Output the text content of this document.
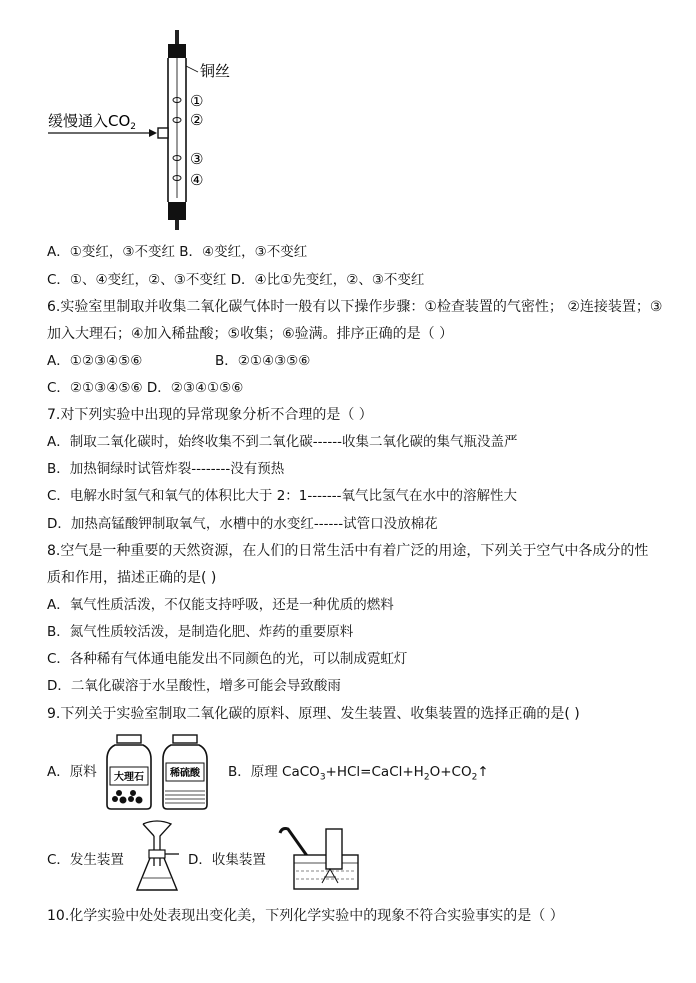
铜丝
①
②
③
④
缓慢通入$CO_2$
A．①变红，③不变红 B．④变红，③不变红
C．①、④变红，②、③不变红 D．④比①先变红，②、③不变红
6.实验室里制取并收集二氧化碳气体时一般有以下操作步骤：①检查装置的气密性； ②连接装置；③
加入大理石；④加入稀盐酸；⑤收集；⑥验满。排序正确的是（ ）
A．①②③④⑤⑥	B．②①④③⑤⑥
C．②①③④⑤⑥ D．②③④①⑤⑥
7.对下列实验中出现的异常现象分析不合理的是（ ）
A．制取二氧化碳时，始终收集不到二氧化碳------收集二氧化碳的集气瓶没盖严
B．加热铜绿时试管炸裂--------没有预热
C．电解水时氢气和氧气的体积比大于 2：1-------氧气比氢气在水中的溶解性大
D．加热高锰酸钾制取氧气，水槽中的水变红------试管口没放棉花
8.空气是一种重要的天然资源，在人们的日常生活中有着广泛的用途，下列关于空气中各成分的性
质和作用，描述正确的是( )
A．氧气性质活泼，不仅能支持呼吸，还是一种优质的燃料
B．氮气性质较活泼，是制造化肥、炸药的重要原料
C．各种稀有气体通电能发出不同颜色的光，可以制成霓虹灯
D．二氧化碳溶于水呈酸性，增多可能会导致酸雨
9.下列关于实验室制取二氧化碳的原料、原理、发生装置、收集装置的选择正确的是( )
A．原料 大理石	稀硫酸 B．原理 $CaCO_3+HCl=CaCl+H_2O+CO_2↑$
C．发生装置	D．收集装置
10.化学实验中处处表现出变化美，下列化学实验中的现象不符合实验事实的是（ ）
